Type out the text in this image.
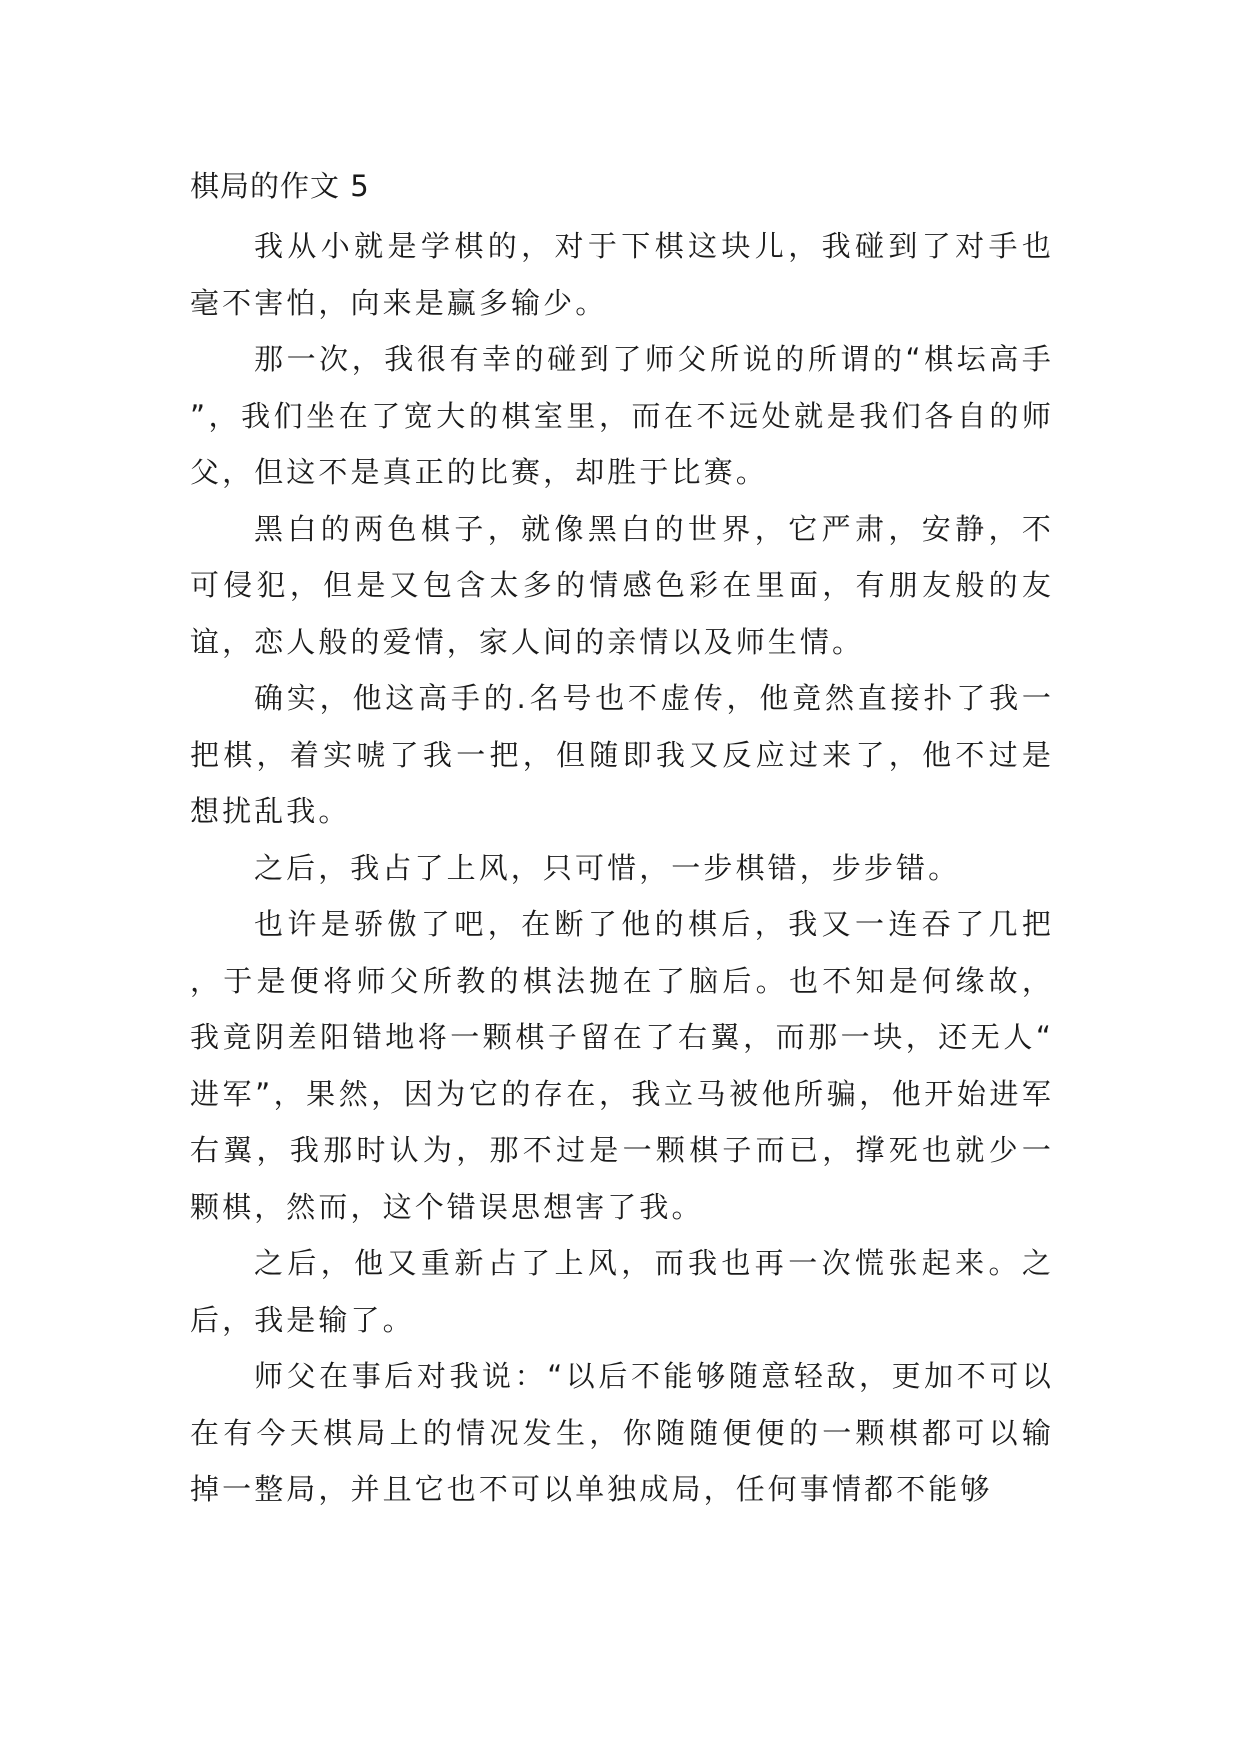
棋局的作文 5

我从小就是学棋的，对于下棋这块儿，我碰到了对手也毫不害怕，向来是赢多输少。

那一次，我很有幸的碰到了师父所说的所谓的“棋坛高手”，我们坐在了宽大的棋室里，而在不远处就是我们各自的师父，但这不是真正的比赛，却胜于比赛。

黑白的两色棋子，就像黑白的世界，它严肃，安静，不可侵犯，但是又包含太多的情感色彩在里面，有朋友般的友谊，恋人般的爱情，家人间的亲情以及师生情。

确实，他这高手的.名号也不虚传，他竟然直接扑了我一把棋，着实唬了我一把，但随即我又反应过来了，他不过是想扰乱我。

之后，我占了上风，只可惜，一步棋错，步步错。

也许是骄傲了吧，在断了他的棋后，我又一连吞了几把，于是便将师父所教的棋法抛在了脑后。也不知是何缘故，我竟阴差阳错地将一颗棋子留在了右翼，而那一块，还无人“进军”，果然，因为它的存在，我立马被他所骗，他开始进军右翼，我那时认为，那不过是一颗棋子而已，撑死也就少一颗棋，然而，这个错误思想害了我。

之后，他又重新占了上风，而我也再一次慌张起来。之后，我是输了。

师父在事后对我说：“以后不能够随意轻敌，更加不可以在有今天棋局上的情况发生，你随随便便的一颗棋都可以输掉一整局，并且它也不可以单独成局，任何事情都不能够
